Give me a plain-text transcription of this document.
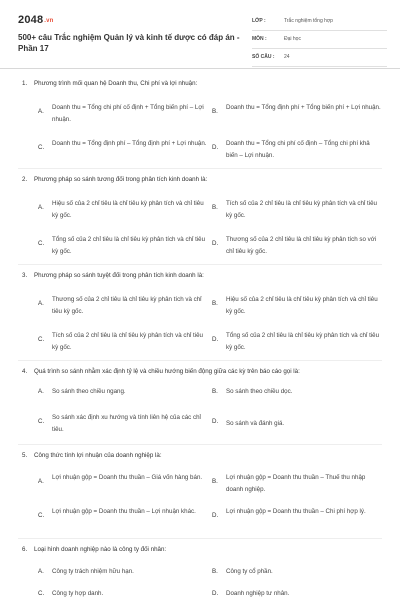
2048.vn
500+ câu Trắc nghiệm Quản lý và kinh tế dược có đáp án - Phần 17
LỚP :	Trắc nghiệm tổng hợp
MÔN :	Đại học
SỐ CÂU : 24
1. Phương trình mối quan hệ Doanh thu, Chi phí và lợi nhuận:
A.
Doanh thu = Tổng chi phí cố định + Tổng biến phí – Lợi nhuận.
B.
Doanh thu = Tổng định phí + Tổng biến phí + Lợi nhuận.
C.
Doanh thu = Tổng định phí – Tổng định phí + Lợi nhuận.
D.
Doanh thu = Tổng chi phí cố định – Tổng chi phí khả biến – Lợi nhuận.
2. Phương pháp so sánh tương đối trong phân tích kinh doanh là:
A.
Hiệu số của 2 chỉ tiêu là chỉ tiêu kỳ phân tích và chỉ tiêu kỳ gốc.
B.
Tích số của 2 chỉ tiêu là chỉ tiêu kỳ phân tích và chỉ tiêu kỳ gốc.
C.
Tổng số của 2 chỉ tiêu là chỉ tiêu kỳ phân tích và chỉ tiêu kỳ gốc.
D.
Thương số của 2 chỉ tiêu là chỉ tiêu kỳ phân tích so với chỉ tiêu kỳ gốc.
3. Phương pháp so sánh tuyệt đối trong phân tích kinh doanh là:
A.
Thương số của 2 chỉ tiêu là chỉ tiêu kỳ phân tích và chỉ tiêu kỳ gốc.
B.
Hiệu số của 2 chỉ tiêu là chỉ tiêu kỳ phân tích và chỉ tiêu kỳ gốc.
C.
Tích số của 2 chỉ tiêu là chỉ tiêu kỳ phân tích và chỉ tiêu kỳ gốc.
D.
Tổng số của 2 chỉ tiêu là chỉ tiêu kỳ phân tích và chỉ tiêu kỳ gốc.
4. Quá trình so sánh nhằm xác định tỷ lệ và chiều hướng biến động giữa các kỳ trên báo cáo gọi là:
A. So sánh theo chiều ngang.	B. So sánh theo chiều dọc.
C.
So sánh xác định xu hướng và tính liên hệ của các chỉ tiêu.
D. So sánh và đánh giá.
5. Công thức tính lợi nhuận của doanh nghiệp là:
A.
Lợi nhuận gộp = Doanh thu thuần – Giá vốn hàng bán.
B.
Lợi nhuận gộp = Doanh thu thuần – Thuế thu nhập doanh nghiệp.
C.
Lợi nhuận gộp = Doanh thu thuần – Lợi nhuận khác.
D.
Lợi nhuận gộp = Doanh thu thuần – Chi phí hợp lý.
6. Loại hình doanh nghiệp nào là công ty đối nhân:
A. Công ty trách nhiệm hữu hạn.	B. Công ty cổ phần.
C. Công ty hợp danh.	D. Doanh nghiệp tư nhân.
